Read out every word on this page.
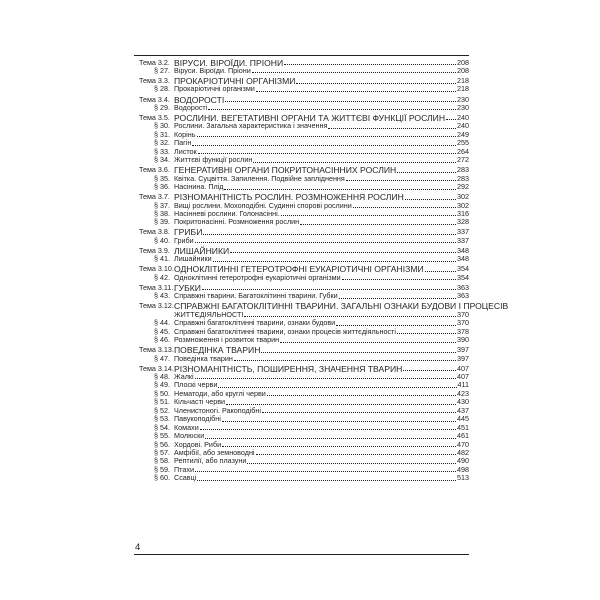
Тема 3.2. ВІРУСИ. ВІРОЇДИ. ПРІОНИ	208
§ 27. Віруси. Віроїди. Пріони	208
Тема 3.3. ПРОКАРІОТИЧНІ ОРГАНІЗМИ	218
§ 28. Прокаріотичні організми	218
Тема 3.4. ВОДОРОСТІ	230
§ 29. Водорості	230
Тема 3.5. РОСЛИНИ. ВЕГЕТАТИВНІ ОРГАНИ ТА ЖИТТЄВІ ФУНКЦІЇ РОСЛИН 240
§ 30. Рослини. Загальна характеристика і значення	240
§ 31. Корінь	249
§ 32. Пагін	255
§ 33. Листок	264
§ 34. Життєві функції рослин	272
Тема 3.6. ГЕНЕРАТИВНІ ОРГАНИ ПОКРИТОНАСІННИХ РОСЛИН	283
§ 35. Квітка. Суцвіття. Запилення. Подвійне запліднення	283
§ 36. Насінина. Плід	292
Тема 3.7. РІЗНОМАНІТНІСТЬ РОСЛИН. РОЗМНОЖЕННЯ РОСЛИН	302
§ 37. Вищі рослини. Мохоподібні. Судинні спорові рослини	302
§ 38. Насінневі рослини. Голонасінні.	316
§ 39. Покритонасінні. Розмноження рослин	328
Тема 3.8. ГРИБИ	337
§ 40. Гриби	337
Тема 3.9. ЛИШАЙНИКИ	348
§ 41. Лишайники	348
Тема 3.10. ОДНОКЛІТИННІ ГЕТЕРОТРОФНІ ЕУКАРІОТИЧНІ ОРГАНІЗМИ	354
§ 42. Одноклітинні гетеротрофні еукаріотичні організми	354
Тема 3.11. ГУБКИ	363
§ 43. Справжні тварини. Багатоклітинні тварини. Губки	363
Тема 3.12. СПРАВЖНІ БАГАТОКЛІТИННІ ТВАРИНИ. ЗАГАЛЬНІ ОЗНАКИ БУДОВИ І ПРОЦЕСІВ
ЖИТТЄДІЯЛЬНОСТІ	370
§ 44. Справжні багатоклітинні тварини, ознаки будови	370
§ 45. Справжні багатоклітинні тварини, ознаки процесів життєдіяльності	378
§ 46. Розмноження і розвиток тварин	390
Тема 3.13. ПОВЕДІНКА ТВАРИН	397
§ 47. Поведінка тварин	397
Тема 3.14. РІЗНОМАНІТНІСТЬ, ПОШИРЕННЯ, ЗНАЧЕННЯ ТВАРИН	407
§ 48. Жалкі	407
§ 49. Плоскі черви	411
§ 50. Нематоди, або круглі черви	423
§ 51. Кільчасті черви	430
§ 52. Членистоногі. Ракоподібні	437
§ 53. Павукоподібні	445
§ 54. Комахи	451
§ 55. Молюски	461
§ 56. Хордові. Риби	470
§ 57. Амфібії, або земноводні	482
§ 58. Рептилії, або плазуни	490
§ 59. Птахи	498
§ 60. Ссавці	513
4
